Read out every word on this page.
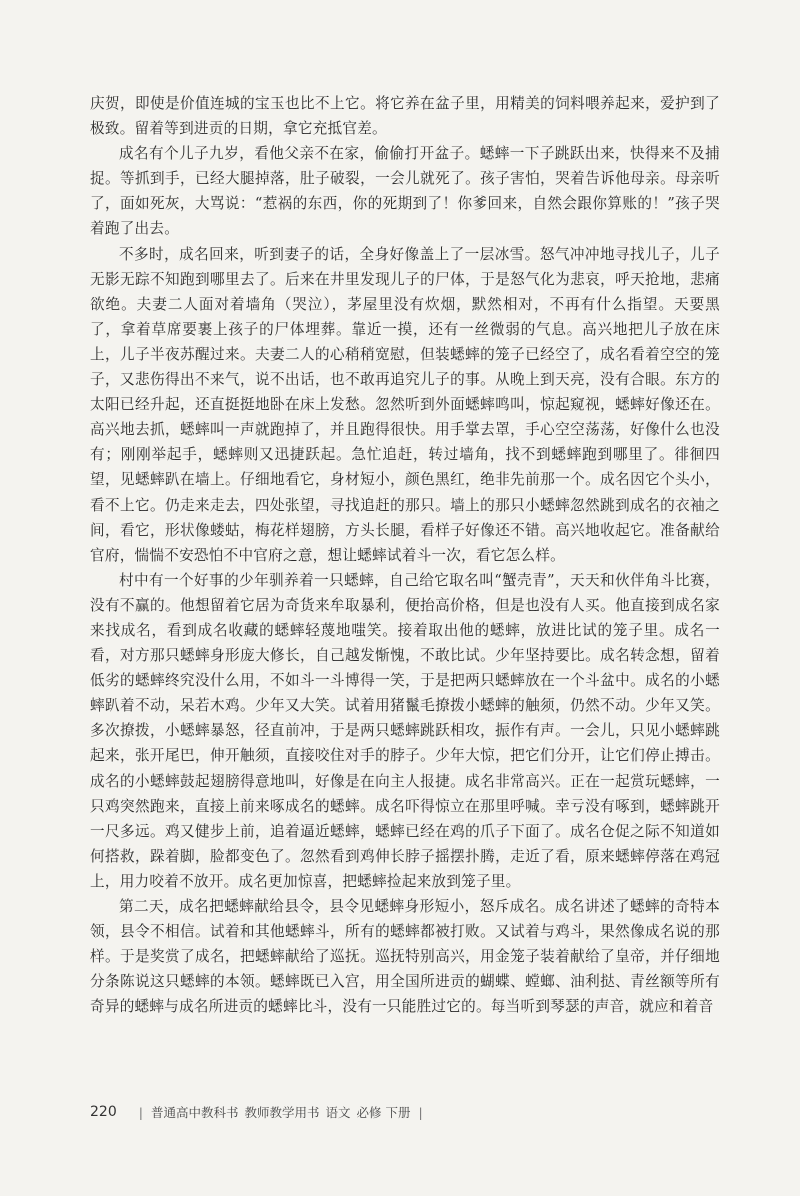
庆贺，即使是价值连城的宝玉也比不上它。将它养在盆子里，用精美的饲料喂养起来，爱护到了极致。留着等到进贡的日期，拿它充抵官差。

成名有个儿子九岁，看他父亲不在家，偷偷打开盆子。蟋蟀一下子跳跃出来，快得来不及捕捉。等抓到手，已经大腿掉落，肚子破裂，一会儿就死了。孩子害怕，哭着告诉他母亲。母亲听了，面如死灰，大骂说：“惹祸的东西，你的死期到了！你爹回来，自然会跟你算账的！”孩子哭着跑了出去。

不多时，成名回来，听到妻子的话，全身好像盖上了一层冰雪。怒气冲冲地寻找儿子，儿子无影无踪不知跑到哪里去了。后来在井里发现儿子的尸体，于是怒气化为悲哀，呼天抢地，悲痛欲绝。夫妻二人面对着墙角（哭泣），茅屋里没有炊烟，默然相对，不再有什么指望。天要黑了，拿着草席要裹上孩子的尸体埋葬。靠近一摸，还有一丝微弱的气息。高兴地把儿子放在床上，儿子半夜苏醒过来。夫妻二人的心稍稍宽慰，但装蟋蟀的笼子已经空了，成名看着空空的笼子，又悲伤得出不来气，说不出话，也不敢再追究儿子的事。从晚上到天亮，没有合眼。东方的太阳已经升起，还直挺挺地卧在床上发愁。忽然听到外面蟋蟀鸣叫，惊起窥视，蟋蟀好像还在。高兴地去抓，蟋蟀叫一声就跑掉了，并且跑得很快。用手掌去罩，手心空空荡荡，好像什么也没有；刚刚举起手，蟋蟀则又迅捷跃起。急忙追赶，转过墙角，找不到蟋蟀跑到哪里了。徘徊四望，见蟋蟀趴在墙上。仔细地看它，身材短小，颜色黑红，绝非先前那一个。成名因它个头小，看不上它。仍走来走去，四处张望，寻找追赶的那只。墙上的那只小蟋蟀忽然跳到成名的衣袖之间，看它，形状像蝼蛄，梅花样翅膀，方头长腿，看样子好像还不错。高兴地收起它。准备献给官府，惴惴不安恐怕不中官府之意，想让蟋蟀试着斗一次，看它怎么样。

村中有一个好事的少年驯养着一只蟋蟀，自己给它取名叫“蟹壳青”，天天和伙伴角斗比赛，没有不赢的。他想留着它居为奇货来牟取暴利，便抬高价格，但是也没有人买。他直接到成名家来找成名，看到成名收藏的蟋蟀轻蔑地嗤笑。接着取出他的蟋蟀，放进比试的笼子里。成名一看，对方那只蟋蟀身形庞大修长，自己越发惭愧，不敢比试。少年坚持要比。成名转念想，留着低劣的蟋蟀终究没什么用，不如斗一斗博得一笑，于是把两只蟋蟀放在一个斗盆中。成名的小蟋蟀趴着不动，呆若木鸡。少年又大笑。试着用猪鬣毛撩拨小蟋蟀的触须，仍然不动。少年又笑。多次撩拨，小蟋蟀暴怒，径直前冲，于是两只蟋蟀跳跃相攻，振作有声。一会儿，只见小蟋蟀跳起来，张开尾巴，伸开触须，直接咬住对手的脖子。少年大惊，把它们分开，让它们停止搏击。成名的小蟋蟀鼓起翅膀得意地叫，好像是在向主人报捷。成名非常高兴。正在一起赏玩蟋蟀，一只鸡突然跑来，直接上前来啄成名的蟋蟀。成名吓得惊立在那里呼喊。幸亏没有啄到，蟋蟀跳开一尺多远。鸡又健步上前，追着逼近蟋蟀，蟋蟀已经在鸡的爪子下面了。成名仓促之际不知道如何搭救，跺着脚，脸都变色了。忽然看到鸡伸长脖子摇摆扑腾，走近了看，原来蟋蟀停落在鸡冠上，用力咬着不放开。成名更加惊喜，把蟋蟀捡起来放到笼子里。

第二天，成名把蟋蟀献给县令，县令见蟋蟀身形短小，怒斥成名。成名讲述了蟋蟀的奇特本领，县令不相信。试着和其他蟋蟀斗，所有的蟋蟀都被打败。又试着与鸡斗，果然像成名说的那样。于是奖赏了成名，把蟋蟀献给了巡抚。巡抚特别高兴，用金笼子装着献给了皇帝，并仔细地分条陈说这只蟋蟀的本领。蟋蟀既已入宫，用全国所进贡的蝴蝶、螳螂、油利挞、青丝额等所有奇异的蟋蟀与成名所进贡的蟋蟀比斗，没有一只能胜过它的。每当听到琴瑟的声音，就应和着音

220 | 普通高中教科书 教师教学用书 语文 必修 下册 |
